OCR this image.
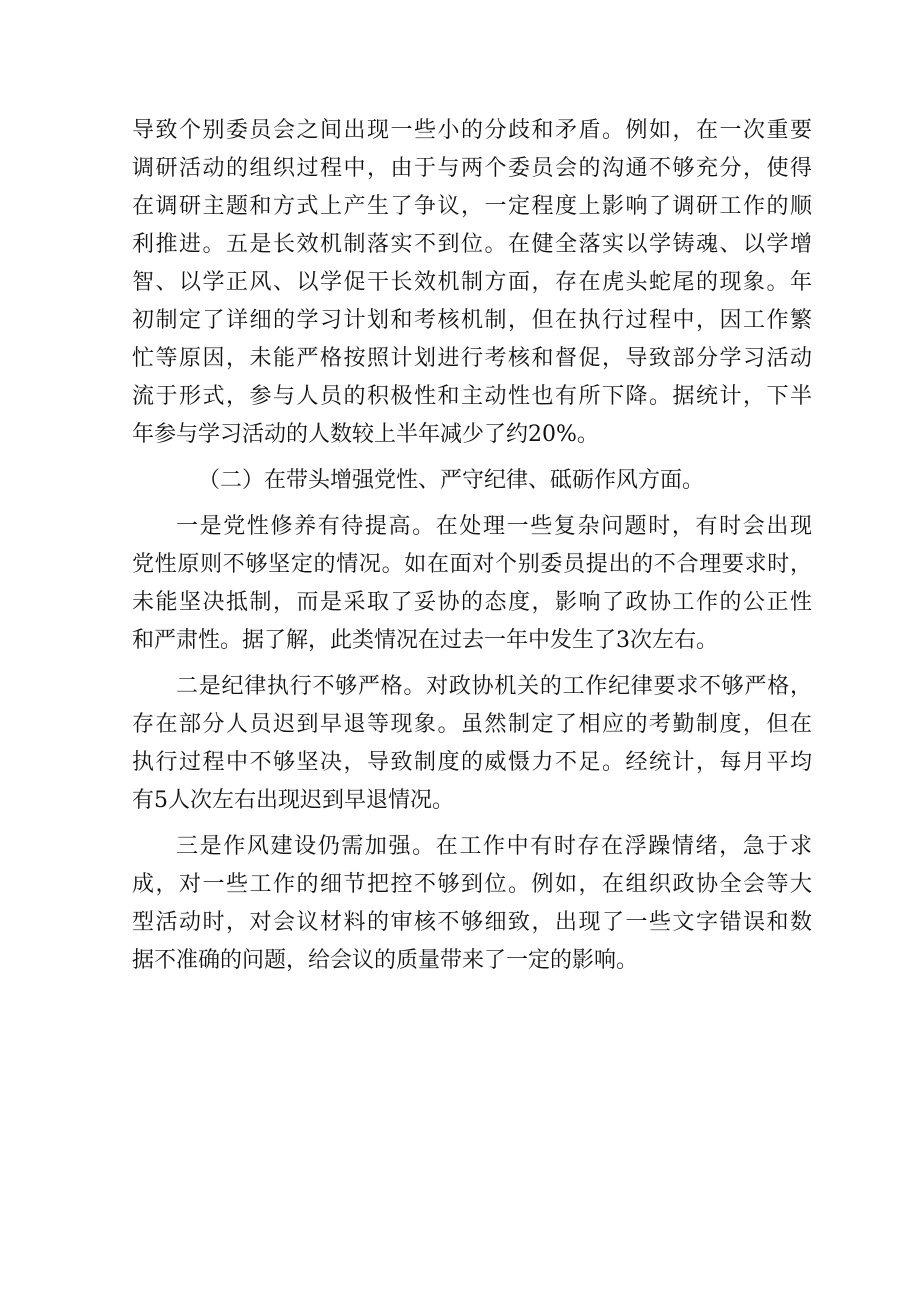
导致个别委员会之间出现一些小的分歧和矛盾。例如，在一次重要
调研活动的组织过程中，由于与两个委员会的沟通不够充分，使得
在调研主题和方式上产生了争议，一定程度上影响了调研工作的顺
利推进。五是长效机制落实不到位。在健全落实以学铸魂、以学增
智、以学正风、以学促干长效机制方面，存在虎头蛇尾的现象。年
初制定了详细的学习计划和考核机制，但在执行过程中，因工作繁
忙等原因，未能严格按照计划进行考核和督促，导致部分学习活动
流于形式，参与人员的积极性和主动性也有所下降。据统计，下半
年参与学习活动的人数较上半年减少了约20%。
（二）在带头增强党性、严守纪律、砥砺作风方面。
一是党性修养有待提高。在处理一些复杂问题时，有时会出现
党性原则不够坚定的情况。如在面对个别委员提出的不合理要求时，
未能坚决抵制，而是采取了妥协的态度，影响了政协工作的公正性
和严肃性。据了解，此类情况在过去一年中发生了3次左右。
二是纪律执行不够严格。对政协机关的工作纪律要求不够严格，
存在部分人员迟到早退等现象。虽然制定了相应的考勤制度，但在
执行过程中不够坚决，导致制度的威慑力不足。经统计，每月平均
有5人次左右出现迟到早退情况。
三是作风建设仍需加强。在工作中有时存在浮躁情绪，急于求
成，对一些工作的细节把控不够到位。例如，在组织政协全会等大
型活动时，对会议材料的审核不够细致，出现了一些文字错误和数
据不准确的问题，给会议的质量带来了一定的影响。
